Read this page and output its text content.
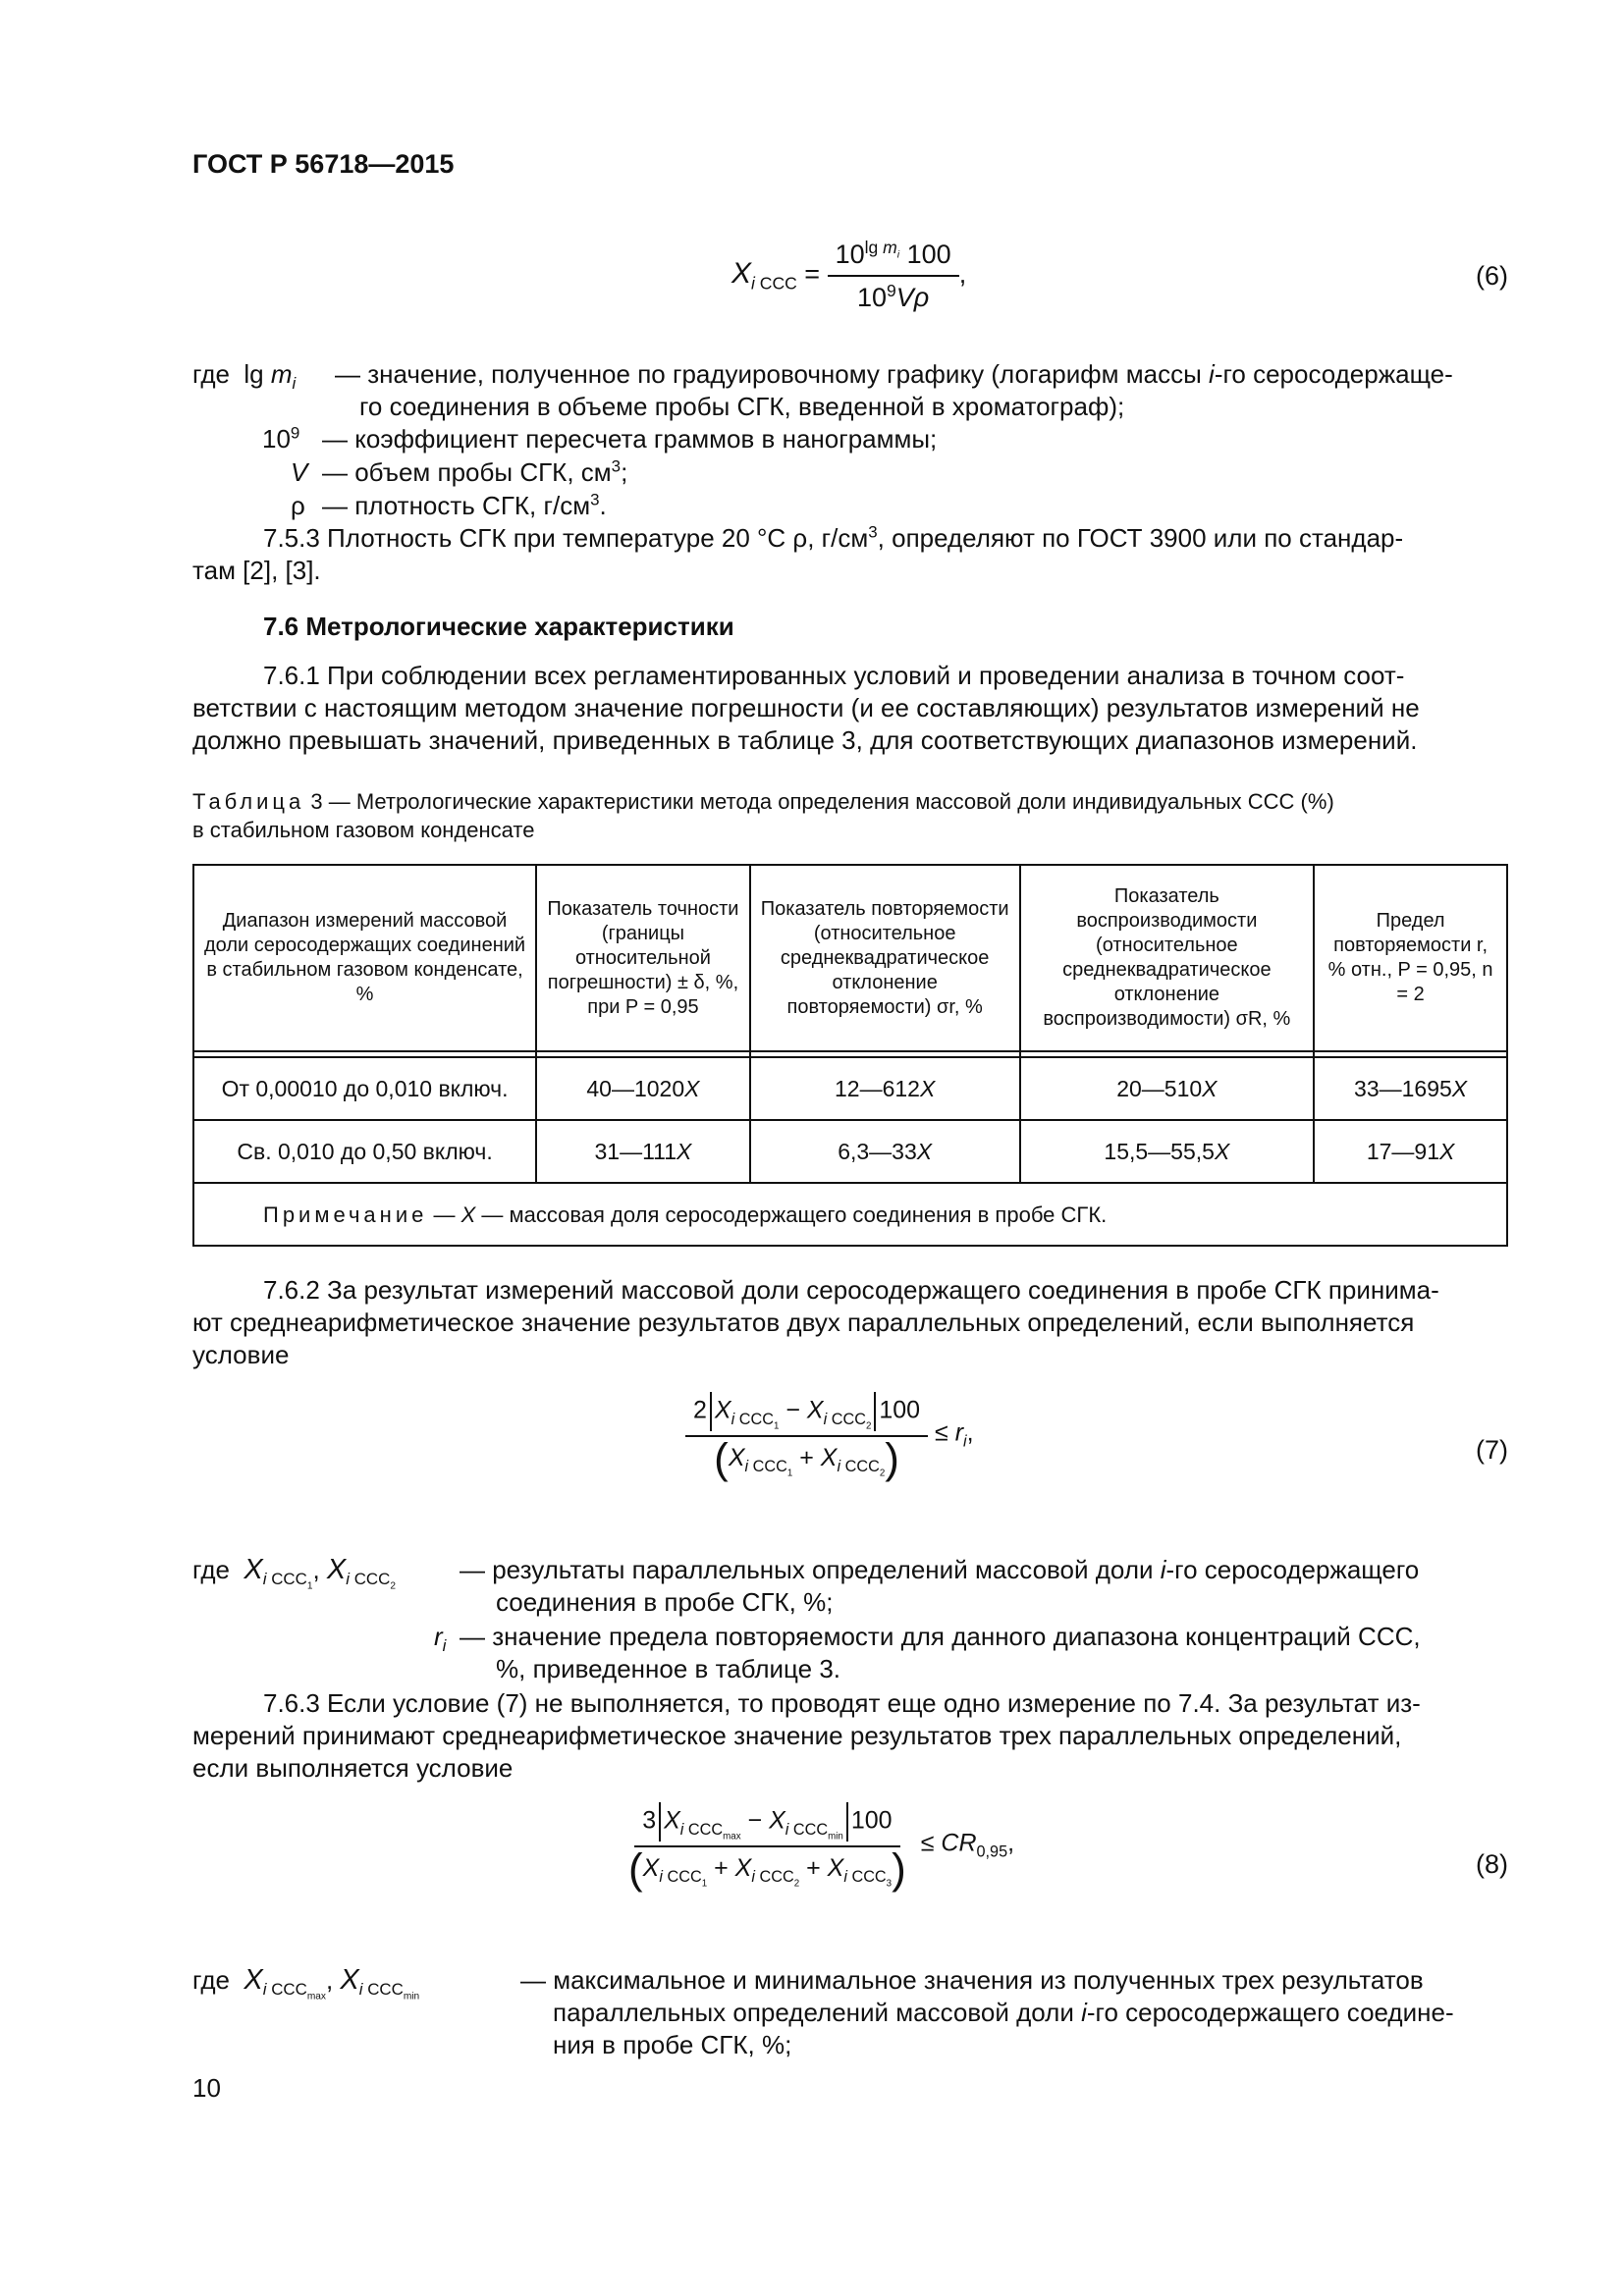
ГОСТ Р 56718—2015
$X_{i ССС} = \frac{10^{lg m_i} 100}{10^9V\rho}$ ,	(6)
где $\lg m_i$ — значение, полученное по градуировочному графику (логарифм массы i-го серосодержаще-
го соединения в объеме пробы СГК, введенной в хроматограф);
$10^9$ — коэффициент пересчета граммов в нанограммы;
V — объем пробы СГК, $см^3$;
ρ — плотность СГК, $г/см^3$.
7.5.3 Плотность СГК при температуре 20 °С ρ, $г/см^3$, определяют по ГОСТ 3900 или по стандар-
там [2], [3].
7.6 Метрологические характеристики
7.6.1 При соблюдении всех регламентированных условий и проведении анализа в точном соот-
ветствии с настоящим методом значение погрешности (и ее составляющих) результатов измерений не
должно превышать значений, приведенных в таблице 3, для соответствующих диапазонов измерений.
Таблица 3 — Метрологические характеристики метода определения массовой доли индивидуальных ССС (%)
в стабильном газовом конденсате
Диапазон измерений массовой доли серосодержащих соединений в стабильном газовом конденсате, %	Показатель точности (границы относительной погрешности) ± δ, %, при P = 0,95	Показатель повторяемости (относительное среднеквадратическое отклонение повторяемости) σr, %	Показатель воспроизводимости (относительное среднеквадратическое отклонение воспроизводимости) σR, %	Предел повторяемости r, % отн., P = 0,95, n = 2

От 0,00010 до 0,010 включ.	40—1020X	12—612X	20—510X	33—1695X
Св. 0,010 до 0,50 включ.	31—111X	6,3—33X	15,5—55,5X	17—91X
Примечание — X — массовая доля серосодержащего соединения в пробе СГК.				
7.6.2 За результат измерений массовой доли серосодержащего соединения в пробе СГК принима-
ют среднеарифметическое значение результатов двух параллельных определений, если выполняется
условие
$\frac{2 X_{i ССС_1} - X_{i ССС_2}100}{(X_{i ССС_1} + X_{i ССС_2})} \le r_i$,
(7)
где $X_{i ССС_1}$, $X_{i ССС_2}$
— результаты параллельных определений массовой доли i-го серосодержащего
соединения в пробе СГК, %;
$r_i$ — значение предела повторяемости для данного диапазона концентраций ССС,
%, приведенное в таблице 3.
7.6.3 Если условие (7) не выполняется, то проводят еще одно измерение по 7.4. За результат из-
мерений принимают среднеарифметическое значение результатов трех параллельных определений,
если выполняется условие
$\frac{3 X_{i ССС_{max}} - X_{i ССС_{min}}100}{(X_{i ССС_1} + X_{i ССС_2} + X_{i ССС_3})} \le CR_{0,95}$,
(8)
где $X_{i ССС_{max}}$, $X_{i ССС_{min}}$
— максимальное и минимальное значения из полученных трех результатов
параллельных определений массовой доли i-го серосодержащего соедине-
ния в пробе СГК, %;
10
